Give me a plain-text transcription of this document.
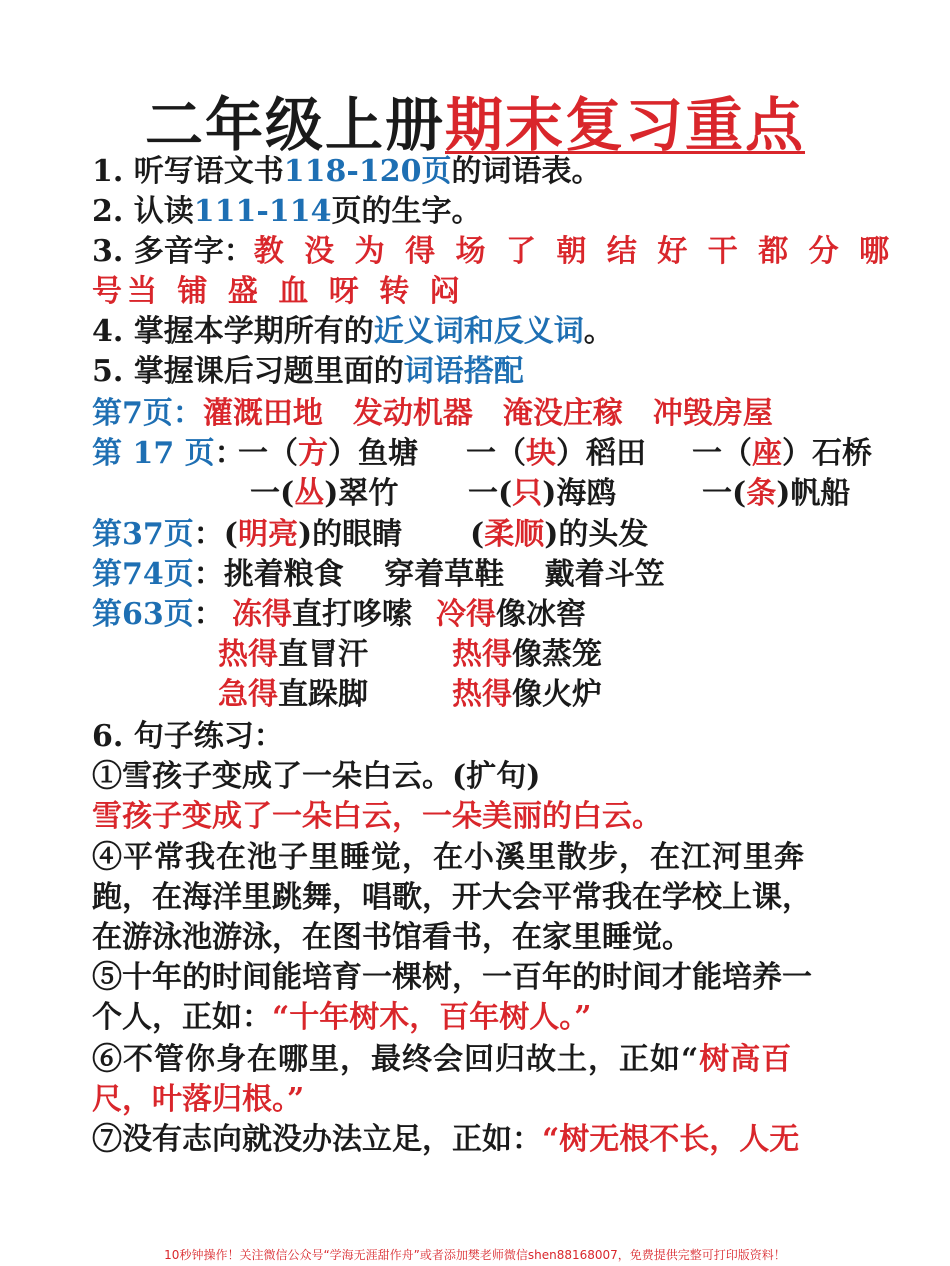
二年级上册期末复习重点
1. 听写语文书118-120页的词语表。
2. 认读111-114页的生字。
3. 多音字：教 没 为 得 场 了 朝 结 好 干 都 分 哪
号当 铺 盛 血 呀 转 闷
4. 掌握本学期所有的近义词和反义词。
5. 掌握课后习题里面的词语搭配
第7页：灌溉田地 发动机器 淹没庄稼 冲毁房屋
第 17 页：
一（方）鱼塘 一（块）稻田 一（座）石桥
一(丛)翠竹 一(只)海鸥	一(条)帆船
第37页：(明亮)的眼睛 (柔顺)的头发
第74页：挑着粮食　 穿着草鞋　 戴着斗笠
第63页： 冻得直打哆嗦 冷得像冰窖
热得直冒汗	热得像蒸笼
急得直跺脚	热得像火炉
6. 句子练习：
①雪孩子变成了一朵白云。(扩句)
雪孩子变成了一朵白云，一朵美丽的白云。
④平常我在池子里睡觉，在小溪里散步，在江河里奔
跑，在海洋里跳舞，唱歌，开大会平常我在学校上课，
在游泳池游泳，在图书馆看书，在家里睡觉。
⑤十年的时间能培育一棵树，一百年的时间才能培养一
个人，正如：“十年树木，百年树人。”
⑥不管你身在哪里，最终会回归故土，正如“树高百
尺，叶落归根。”
⑦没有志向就没办法立足，正如：“树无根不长，人无
10秒钟操作！关注微信公众号“学海无涯甜作舟”或者添加樊老师微信shen88168007，免费提供完整可打印版资料！
